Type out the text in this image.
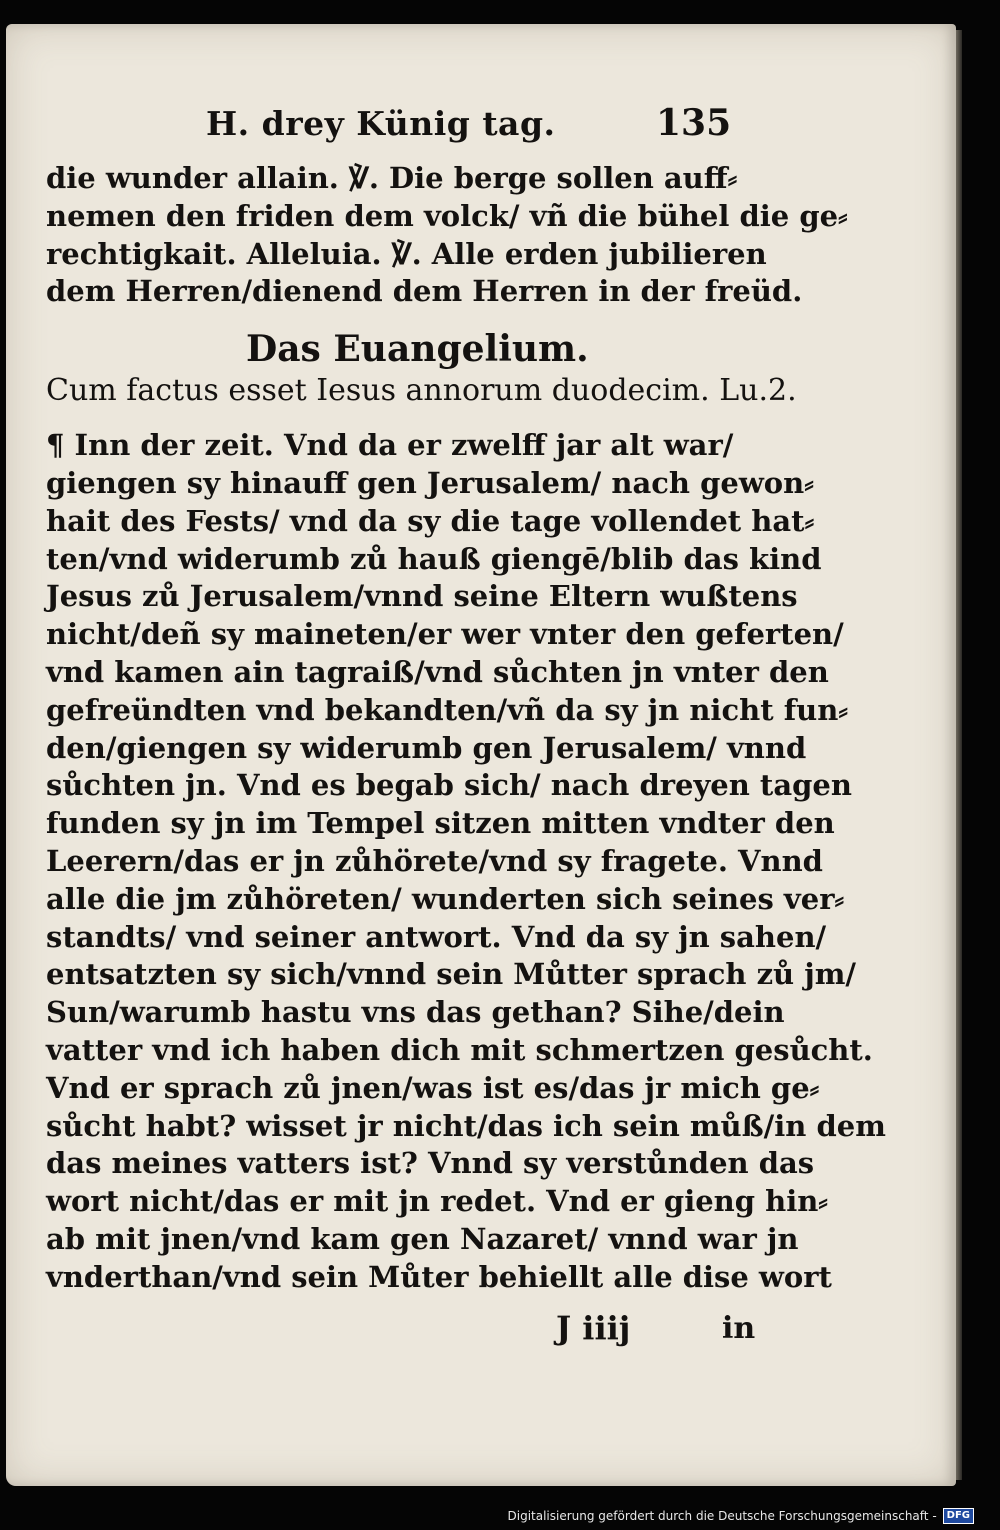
H. drey Künig tag.	135
die wunder allain. ℣. Die berge sollen auff⸗
nemen den friden dem volck/ vñ die bühel die ge⸗
rechtigkait. Alleluia. ℣. Alle erden jubilieren
dem Herren/dienend dem Herren in der freüd.
Das Euangelium.
Cum factus esset Iesus annorum duodecim. Lu.2.
¶ Inn der zeit. Vnd da er zwelff jar alt war/
giengen sy hinauff gen Jerusalem/ nach gewon⸗
hait des Fests/ vnd da sy die tage vollendet hat⸗
ten/vnd widerumb zů hauß giengē/blib das kind
Jesus zů Jerusalem/vnnd seine Eltern wußtens
nicht/deñ sy maineten/er wer vnter den geferten/
vnd kamen ain tagraiß/vnd sůchten jn vnter den
gefreündten vnd bekandten/vñ da sy jn nicht fun⸗
den/giengen sy widerumb gen Jerusalem/ vnnd
sůchten jn. Vnd es begab sich/ nach dreyen tagen
funden sy jn im Tempel sitzen mitten vndter den
Leerern/das er jn zůhörete/vnd sy fragete. Vnnd
alle die jm zůhöreten/ wunderten sich seines ver⸗
standts/ vnd seiner antwort. Vnd da sy jn sahen/
entsatzten sy sich/vnnd sein Můtter sprach zů jm/
Sun/warumb hastu vns das gethan? Sihe/dein
vatter vnd ich haben dich mit schmertzen gesůcht.
Vnd er sprach zů jnen/was ist es/das jr mich ge⸗
sůcht habt? wisset jr nicht/das ich sein můß/in dem
das meines vatters ist? Vnnd sy verstůnden das
wort nicht/das er mit jn redet. Vnd er gieng hin⸗
ab mit jnen/vnd kam gen Nazaret/ vnnd war jn
vnderthan/vnd sein Můter behiellt alle dise wort
J iiij	in
Digitalisierung gefördert durch die Deutsche Forschungsgemeinschaft -	DFG
